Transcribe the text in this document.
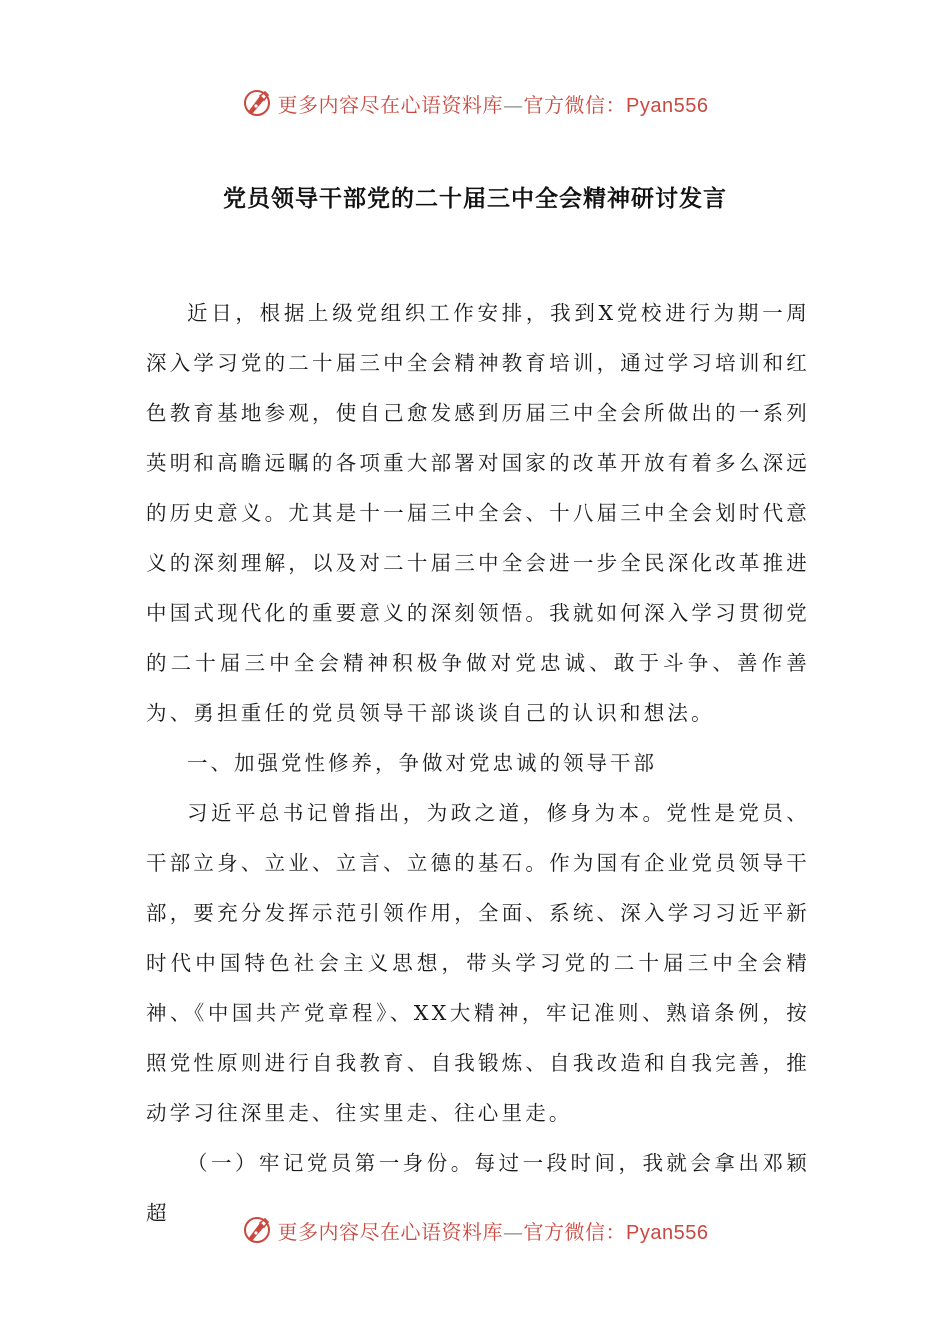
更多内容尽在心语资料库—官方微信：Pyan556
党员领导干部党的二十届三中全会精神研讨发言

近日，根据上级党组织工作安排，我到X党校进行为期一周深入学习党的二十届三中全会精神教育培训，通过学习培训和红色教育基地参观，使自己愈发感到历届三中全会所做出的一系列英明和高瞻远瞩的各项重大部署对国家的改革开放有着多么深远的历史意义。尤其是十一届三中全会、十八届三中全会划时代意义的深刻理解，以及对二十届三中全会进一步全民深化改革推进中国式现代化的重要意义的深刻领悟。我就如何深入学习贯彻党的二十届三中全会精神积极争做对党忠诚、敢于斗争、善作善为、勇担重任的党员领导干部谈谈自己的认识和想法。

一、加强党性修养，争做对党忠诚的领导干部

习近平总书记曾指出，为政之道，修身为本。党性是党员、干部立身、立业、立言、立德的基石。作为国有企业党员领导干部，要充分发挥示范引领作用，全面、系统、深入学习习近平新时代中国特色社会主义思想，带头学习党的二十届三中全会精神、《中国共产党章程》、XX大精神，牢记准则、熟谙条例，按照党性原则进行自我教育、自我锻炼、自我改造和自我完善，推动学习往深里走、往实里走、往心里走。

（一）牢记党员第一身份。每过一段时间，我就会拿出邓颖超

更多内容尽在心语资料库—官方微信：Pyan556
